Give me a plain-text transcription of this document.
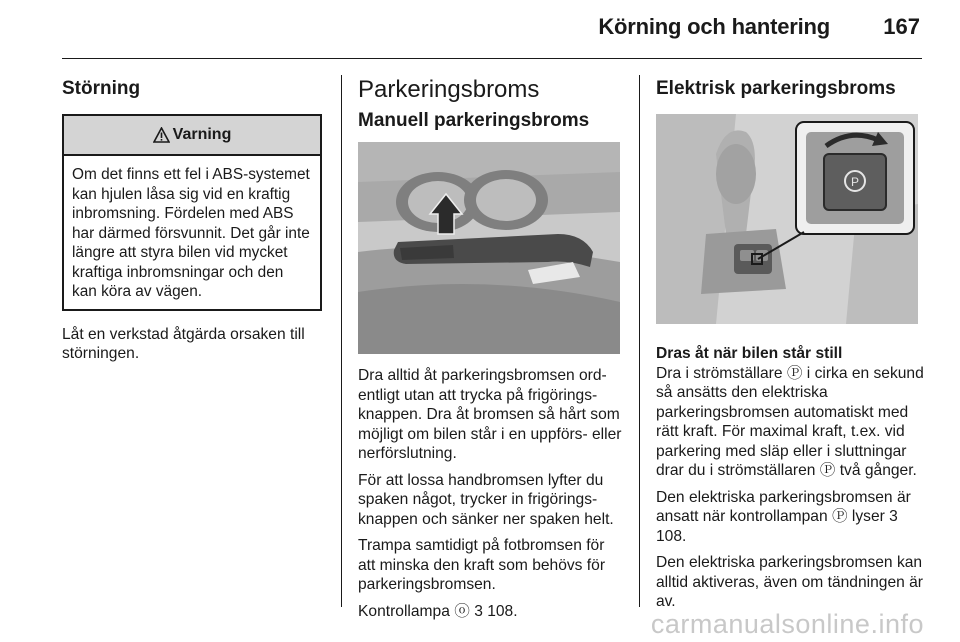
Körning och hantering 167
Störning
Varning
Om det finns ett fel i ABS-systemet kan hjulen låsa sig vid en kraftig inbromsning. Fördelen med ABS har därmed försvunnit. Det går inte längre att styra bilen vid mycket kraftiga inbromsningar och den kan köra av vägen.

Låt en verkstad åtgärda orsaken till störningen.

Parkeringsbroms
Manuell parkeringsbroms

Dra alltid åt parkeringsbromsen ordentligt utan att trycka på frigöringsknappen. Dra åt bromsen så hårt som möjligt om bilen står i en uppförs- eller nerförslutning.

För att lossa handbromsen lyfter du spaken något, trycker in frigöringsknappen och sänker ner spaken helt.

Trampa samtidigt på fotbromsen för att minska den kraft som behövs för parkeringsbromsen.

Kontrollampa ⓞ 3 108.

Elektrisk parkeringsbroms
P

Dras åt när bilen står still
Dra i strömställare Ⓟ i cirka en sekund så ansätts den elektriska parkeringsbromsen automatiskt med rätt kraft. För maximal kraft, t.ex. vid parkering med släp eller i sluttningar drar du i strömställaren Ⓟ två gånger.

Den elektriska parkeringsbromsen är ansatt när kontrollampan Ⓟ lyser 3 108.

Den elektriska parkeringsbromsen kan alltid aktiveras, även om tändningen är av.

carmanualsonline.info
